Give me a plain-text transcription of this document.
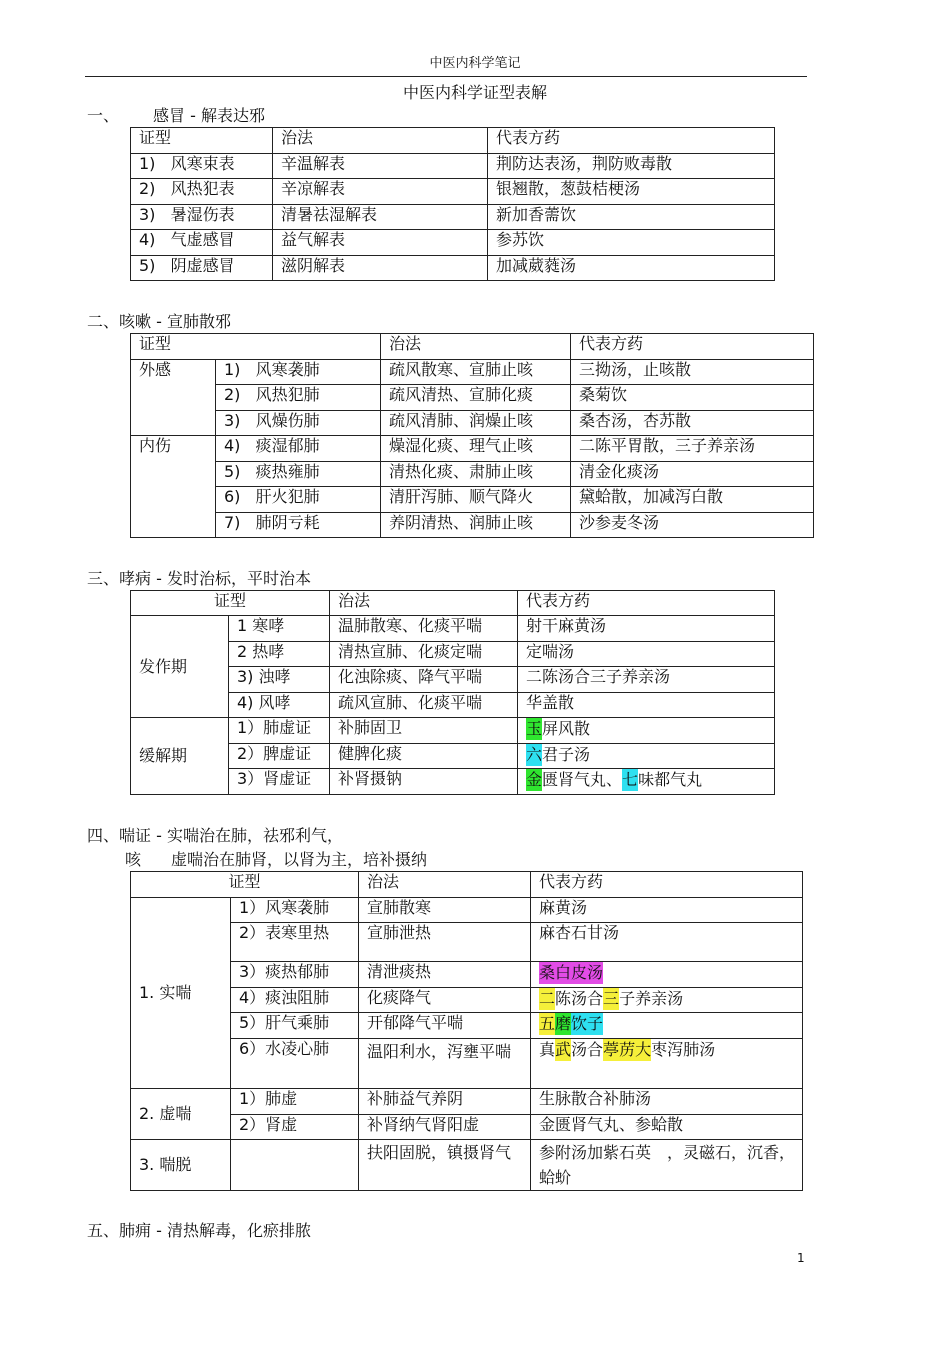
中医内科学笔记
中医内科学证型表解
一、 感冒 - 解表达邪
证型	治法	代表方药
1)   风寒束表	辛温解表	荆防达表汤，荆防败毒散
2)   风热犯表	辛凉解表	银翘散，葱鼓桔梗汤
3)   暑湿伤表	清暑祛湿解表	新加香薷饮
4)   气虚感冒	益气解表	参苏饮
5)   阴虚感冒	滋阴解表	加减葳蕤汤
二、咳嗽 - 宣肺散邪
证型		治法	代表方药
外感	1)   风寒袭肺	疏风散寒、宣肺止咳	三拗汤，止咳散
	2)   风热犯肺	疏风清热、宣肺化痰	桑菊饮
	3)   风燥伤肺	疏风清肺、润燥止咳	桑杏汤，杏苏散
内伤	4)   痰湿郁肺	燥湿化痰、理气止咳	二陈平胃散，三子养亲汤
	5)   痰热雍肺	清热化痰、肃肺止咳	清金化痰汤
	6)   肝火犯肺	清肝泻肺、顺气降火	黛蛤散，加减泻白散
	7)   肺阴亏耗	养阴清热、润肺止咳	沙参麦冬汤
三、哮病 - 发时治标，平时治本
证型		治法	代表方药
发作期	1 寒哮	温肺散寒、化痰平喘	射干麻黄汤
	2 热哮	清热宣肺、化痰定喘	定喘汤
	3) 浊哮	化浊除痰、降气平喘	二陈汤合三子养亲汤
	4) 风哮	疏风宣肺、化痰平喘	华盖散
缓解期	1）肺虚证	补肺固卫	玉屏风散
	2）脾虚证	健脾化痰	六君子汤
	3）肾虚证	补肾摄钠	金匮肾气丸、七味都气丸
四、喘证 - 实喘治在肺，祛邪利气，
咳 虚喘治在肺肾，以肾为主，培补摄纳
证型		治法	代表方药
1. 实喘	1）风寒袭肺	宣肺散寒	麻黄汤
	2）表寒里热	宣肺泄热	麻杏石甘汤
	3）痰热郁肺	清泄痰热	桑白皮汤
	4）痰浊阻肺	化痰降气	二陈汤合三子养亲汤
	5）肝气乘肺	开郁降气平喘	五磨饮子
	6）水凌心肺	温阳利水，泻壅平喘	真武汤合葶苈大枣泻肺汤
2. 虚喘	1）肺虚	补肺益气养阴	生脉散合补肺汤
	2）肾虚	补肾纳气肾阳虚	金匮肾气丸、参蛤散
3. 喘脱		扶阳固脱，镇摄肾气	参附汤加紫石英　，灵磁石，沉香，蛤蚧
五、肺痈 - 清热解毒，化瘀排脓
1
